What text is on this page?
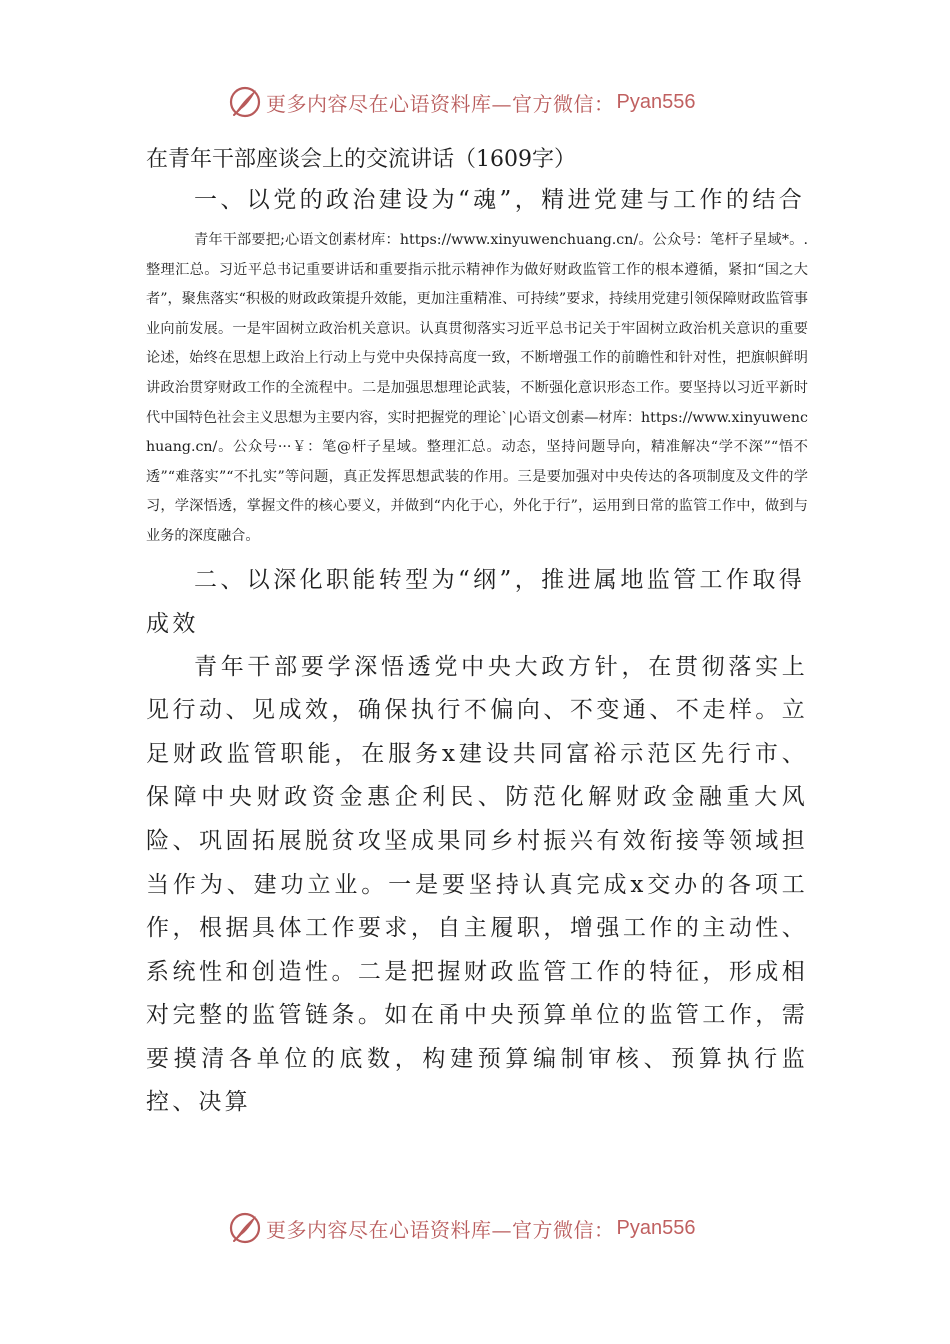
更多内容尽在心语资料库—官方微信： Pyan556

在青年干部座谈会上的交流讲话（1609字）

一、以党的政治建设为“魂”，精进党建与工作的结合

青年干部要把;心语文创素材库：https://www.xinyuwenchuang.cn/。公众号：笔杆子星域*。.整理汇总。习近平总书记重要讲话和重要指示批示精神作为做好财政监管工作的根本遵循，紧扣“国之大者”，聚焦落实“积极的财政政策提升效能，更加注重精准、可持续”要求，持续用党建引领保障财政监管事业向前发展。一是牢固树立政治机关意识。认真贯彻落实习近平总书记关于牢固树立政治机关意识的重要论述，始终在思想上政治上行动上与党中央保持高度一致，不断增强工作的前瞻性和针对性，把旗帜鲜明讲政治贯穿财政工作的全流程中。二是加强思想理论武装，不断强化意识形态工作。要坚持以习近平新时代中国特色社会主义思想为主要内容，实时把握党的理论`|心语文创素—材库：https://www.xinyuwenchuang.cn/。公众号···￥：笔@杆子星域。整理汇总。动态，坚持问题导向，精准解决“学不深”“悟不透”“难落实”“不扎实”等问题，真正发挥思想武装的作用。三是要加强对中央传达的各项制度及文件的学习，学深悟透，掌握文件的核心要义，并做到“内化于心，外化于行”，运用到日常的监管工作中，做到与业务的深度融合。

二、以深化职能转型为“纲”，推进属地监管工作取得成效

青年干部要学深悟透党中央大政方针，在贯彻落实上见行动、见成效，确保执行不偏向、不变通、不走样。立足财政监管职能，在服务x建设共同富裕示范区先行市、保障中央财政资金惠企利民、防范化解财政金融重大风险、巩固拓展脱贫攻坚成果同乡村振兴有效衔接等领域担当作为、建功立业。一是要坚持认真完成x交办的各项工作，根据具体工作要求，自主履职，增强工作的主动性、系统性和创造性。二是把握财政监管工作的特征，形成相对完整的监管链条。如在甬中央预算单位的监管工作，需要摸清各单位的底数，构建预算编制审核、预算执行监控、决算

更多内容尽在心语资料库—官方微信： Pyan556
